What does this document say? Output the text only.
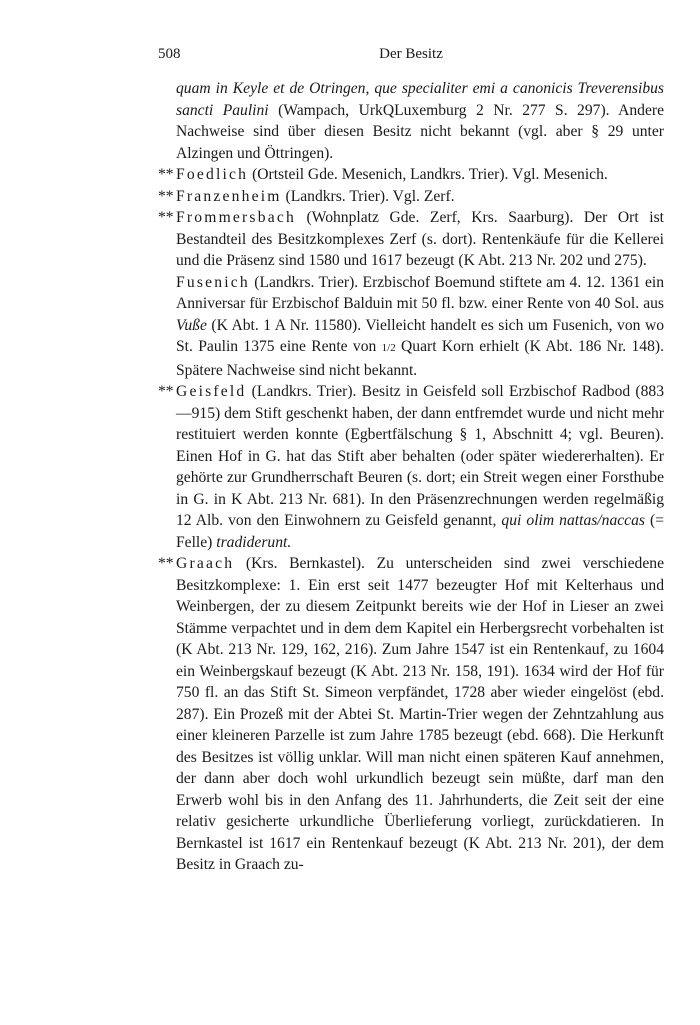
508	Der Besitz

quam in Keyle et de Otringen, que specialiter emi a canonicis Treverensibus sancti Paulini (Wampach, UrkQLuxemburg 2 Nr. 277 S. 297). Andere Nachweise sind über diesen Besitz nicht bekannt (vgl. aber § 29 unter Alzingen und Öttringen).

** Foedlich (Ortsteil Gde. Mesenich, Landkrs. Trier). Vgl. Mesenich.

** Franzenheim (Landkrs. Trier). Vgl. Zerf.

** Frommersbach (Wohnplatz Gde. Zerf, Krs. Saarburg). Der Ort ist Bestandteil des Besitzkomplexes Zerf (s. dort). Rentenkäufe für die Kellerei und die Präsenz sind 1580 und 1617 bezeugt (K Abt. 213 Nr. 202 und 275).

Fusenich (Landkrs. Trier). Erzbischof Boemund stiftete am 4. 12. 1361 ein Anniversar für Erzbischof Balduin mit 50 fl. bzw. einer Rente von 40 Sol. aus Vuße (K Abt. 1 A Nr. 11580). Vielleicht handelt es sich um Fusenich, von wo St. Paulin 1375 eine Rente von 1/2 Quart Korn erhielt (K Abt. 186 Nr. 148). Spätere Nachweise sind nicht bekannt.

** Geisfeld (Landkrs. Trier). Besitz in Geisfeld soll Erzbischof Radbod (883—915) dem Stift geschenkt haben, der dann entfremdet wurde und nicht mehr restituiert werden konnte (Egbertfälschung § 1, Abschnitt 4; vgl. Beuren). Einen Hof in G. hat das Stift aber behalten (oder später wiedererhalten). Er gehörte zur Grundherrschaft Beuren (s. dort; ein Streit wegen einer Forsthube in G. in K Abt. 213 Nr. 681). In den Präsenzrechnungen werden regelmäßig 12 Alb. von den Einwohnern zu Geisfeld genannt, qui olim nattas/naccas (= Felle) tradiderunt.

** Graach (Krs. Bernkastel). Zu unterscheiden sind zwei verschiedene Besitzkomplexe: 1. Ein erst seit 1477 bezeugter Hof mit Kelterhaus und Weinbergen, der zu diesem Zeitpunkt bereits wie der Hof in Lieser an zwei Stämme verpachtet und in dem dem Kapitel ein Herbergsrecht vorbehalten ist (K Abt. 213 Nr. 129, 162, 216). Zum Jahre 1547 ist ein Rentenkauf, zu 1604 ein Weinbergskauf bezeugt (K Abt. 213 Nr. 158, 191). 1634 wird der Hof für 750 fl. an das Stift St. Simeon verpfändet, 1728 aber wieder eingelöst (ebd. 287). Ein Prozeß mit der Abtei St. Martin-Trier wegen der Zehntzahlung aus einer kleineren Parzelle ist zum Jahre 1785 bezeugt (ebd. 668). Die Herkunft des Besitzes ist völlig unklar. Will man nicht einen späteren Kauf annehmen, der dann aber doch wohl urkundlich bezeugt sein müßte, darf man den Erwerb wohl bis in den Anfang des 11. Jahrhunderts, die Zeit seit der eine relativ gesicherte urkundliche Überlieferung vorliegt, zurückdatieren. In Bernkastel ist 1617 ein Rentenkauf bezeugt (K Abt. 213 Nr. 201), der dem Besitz in Graach zu-
